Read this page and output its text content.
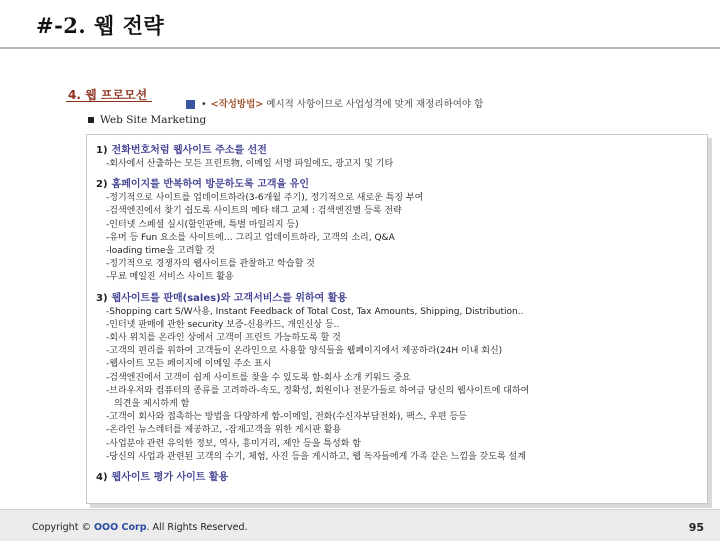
#-2. 웹 전략
4. 웹 프로모션
• <작성방법> 예시적 사항이므로 사업성격에 맞게 재정리하여야 함
Web Site Marketing
1) 전화번호처럼 웹사이트 주소를 선전
-회사에서 산출하는 모든 프린트物, 이메일 서명 파일에도, 광고지 및 기타
2) 홈페이지를 반복하여 방문하도록 고객을 유인
-정기적으로 사이트를 업데이트하라(3-6개월 주기), 정기적으로 새로운 특징 부여
-검색엔진에서 찾기 쉽도록 사이트의 메타 태그 교체 : 검색엔진별 등록 전략
-인터넷 스페셜 실시(할인판매, 특별 마일리지 등)
-유머 등 Fun 요소를 사이트에… 그리고 업데이트하라, 고객의 소리, Q&A
-loading time을 고려할 것
-정기적으로 경쟁자의 웹사이트를 관찰하고 학습할 것
-무료 메일진 서비스 사이트 활용
3) 웹사이트를 판매(sales)와 고객서비스를 위하여 활용
-Shopping cart S/W사용, Instant Feedback of Total Cost, Tax Amounts, Shipping, Distribution..
-인터넷 판매에 관한 security 보증-신용카드, 개인신상 등..
-회사 위치를 온라인 상에서 고객이 프린트 가능하도록 할 것
-고객의 편리를 위하여 고객들이 온라인으로 사용할 양식들을 웹페이지에서 제공하라(24H 이내 회신)
-웹사이트 모든 페이지에 이메일 주소 표시
-검색엔진에서 고객이 쉽게 사이트를 찾을 수 있도록 함-회사 소개 키워드 중요
-브라우저와 컴퓨터의 종류를 고려하라-속도, 정확성, 회원이나 전문가들로 하여금 당신의 웹사이트에 대하여
의견을 제시하게 함
-고객이 회사와 접촉하는 방법을 다양하게 함-이메일, 전화(수신자부담전화), 팩스, 우편 등등
-온라인 뉴스레터를 제공하고, -잠재고객을 위한 게시판 활용
-사업분야 관련 유익한 정보, 역사, 흥미거리, 제안 등을 특성화 함
-당신의 사업과 관련된 고객의 수기, 체험, 사진 등을 게시하고, 웹 독자들에게 가족 같은 느낌을 갖도록 설계
4) 웹사이트 평가 사이트 활용
Copyright © OOO Corp. All Rights Reserved.	95
